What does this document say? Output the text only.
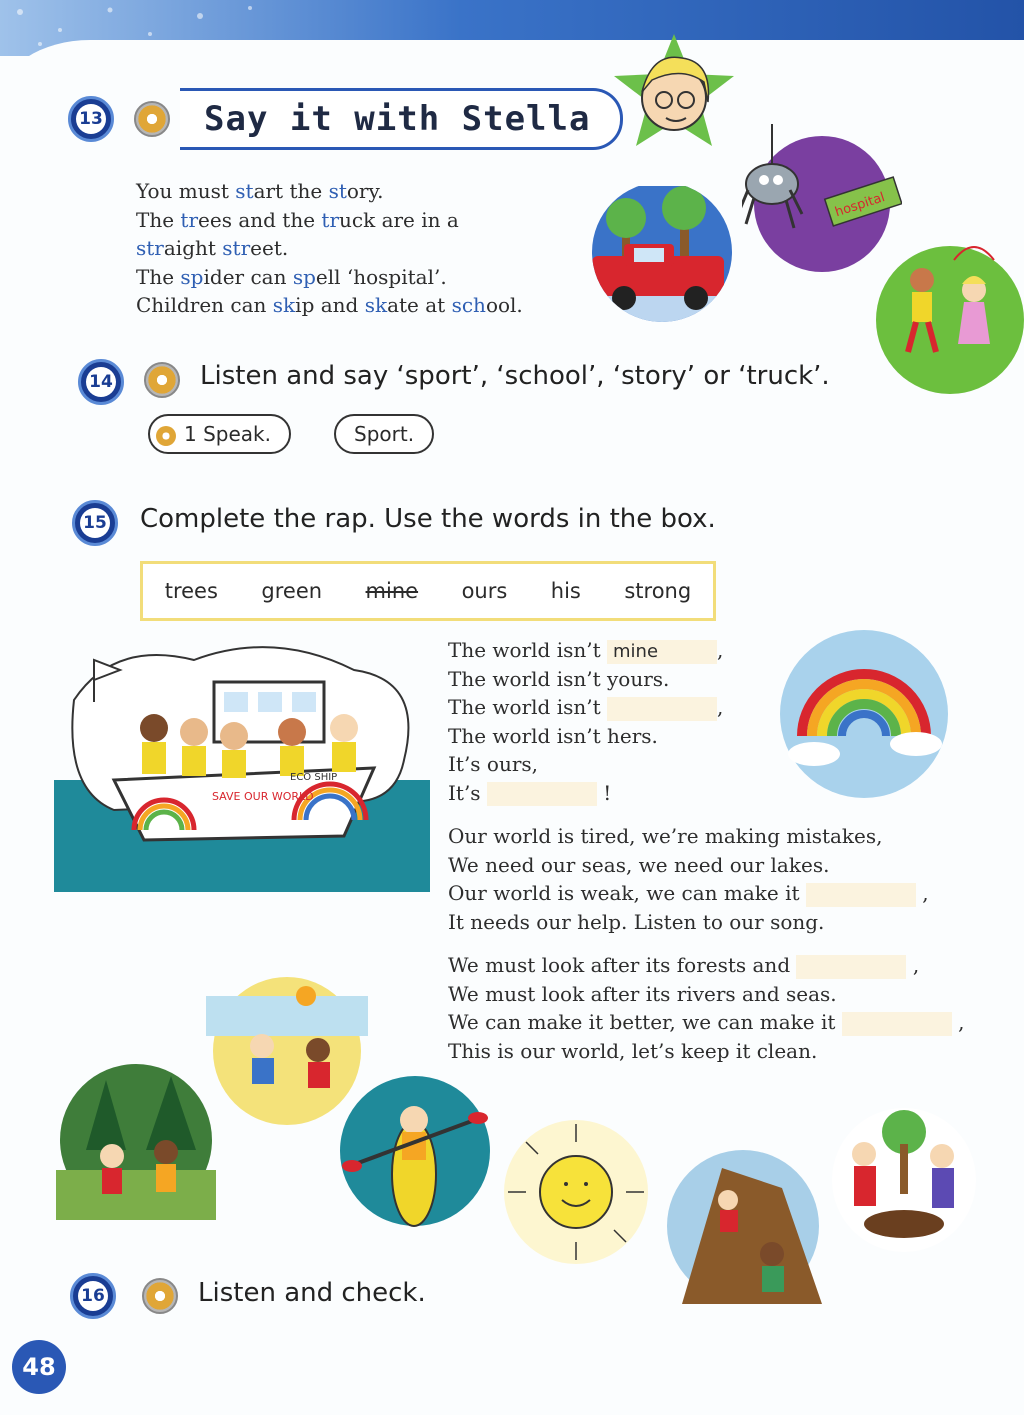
13	Say it with Stella
You must start the story.
The trees and the truck are in a
straight street.
The spider can spell ‘hospital’.
Children can skip and skate at school.
hospital
14	Listen and say ‘sport’, ‘school’, ‘story’ or ‘truck’.
1 Speak.	Sport.
15 Complete the rap. Use the words in the box.
trees green mine ours his strong
SAVE OUR WORLD
ECO SHIP
The world isn’t mine	,
The world isn’t yours.
The world isn’t	,
The world isn’t hers.
It’s ours,
It’s	!
Our world is tired, we’re making mistakes,
We need our seas, we need our lakes.
Our world is weak, we can make it	,
It needs our help. Listen to our song.
We must look after its forests and	,
We must look after its rivers and seas.
We can make it better, we can make it	,
This is our world, let’s keep it clean.
16	Listen and check.
48
